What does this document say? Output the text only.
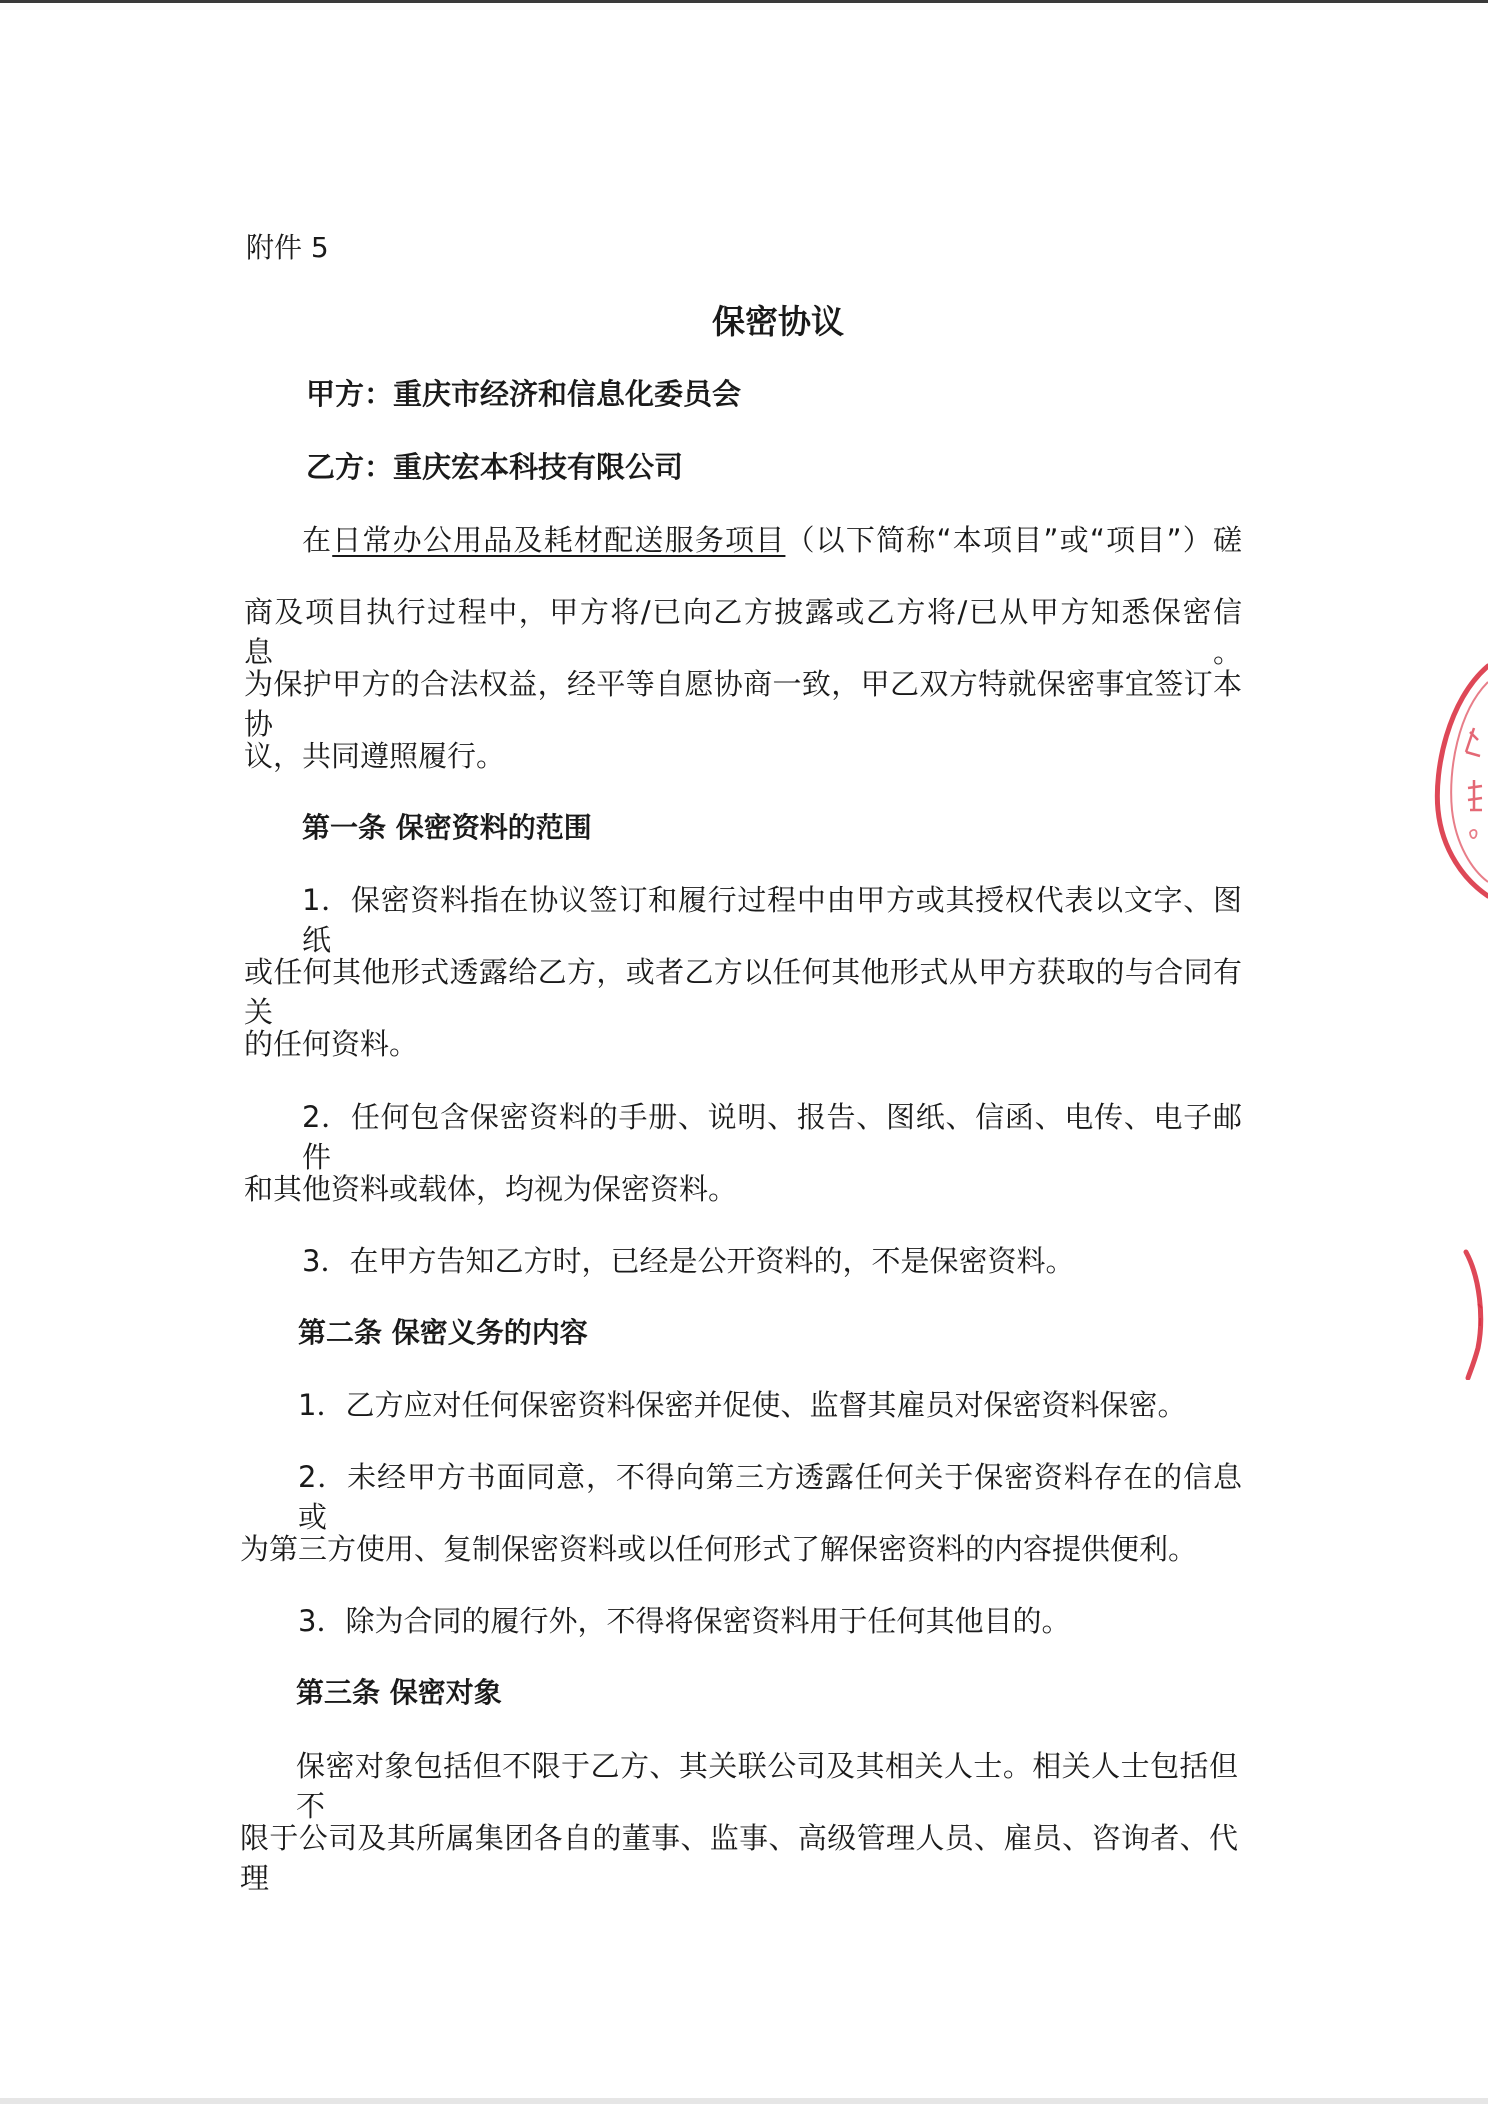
附件 5
保密协议
甲方：重庆市经济和信息化委员会
乙方：重庆宏本科技有限公司
在日常办公用品及耗材配送服务项目（以下简称“本项目”或“项目”）磋
商及项目执行过程中，甲方将/已向乙方披露或乙方将/已从甲方知悉保密信息。
为保护甲方的合法权益，经平等自愿协商一致，甲乙双方特就保密事宜签订本协
议，共同遵照履行。
第一条 保密资料的范围
1．保密资料指在协议签订和履行过程中由甲方或其授权代表以文字、图纸
或任何其他形式透露给乙方，或者乙方以任何其他形式从甲方获取的与合同有关
的任何资料。
2．任何包含保密资料的手册、说明、报告、图纸、信函、电传、电子邮件
和其他资料或载体，均视为保密资料。
3．在甲方告知乙方时，已经是公开资料的，不是保密资料。
第二条 保密义务的内容
1．乙方应对任何保密资料保密并促使、监督其雇员对保密资料保密。
2．未经甲方书面同意，不得向第三方透露任何关于保密资料存在的信息或
为第三方使用、复制保密资料或以任何形式了解保密资料的内容提供便利。
3．除为合同的履行外，不得将保密资料用于任何其他目的。
第三条 保密对象
保密对象包括但不限于乙方、其关联公司及其相关人士。相关人士包括但不
限于公司及其所属集团各自的董事、监事、高级管理人员、雇员、咨询者、代理
